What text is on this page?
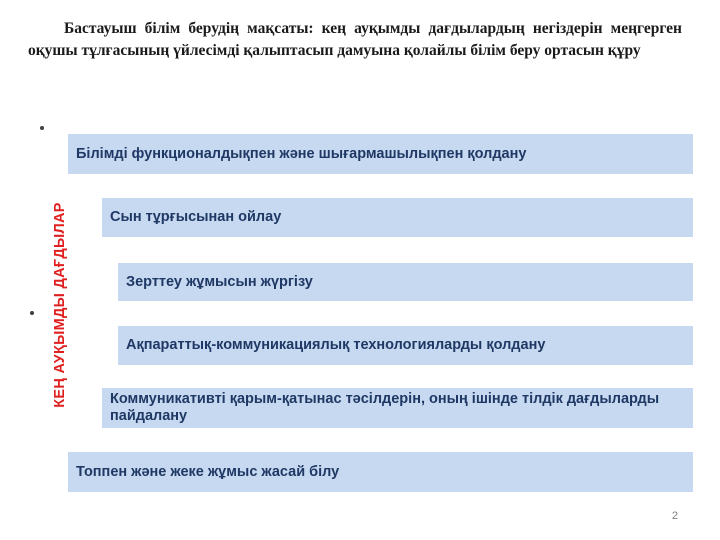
Бастауыш білім берудің мақсаты: кең ауқымды дағдылардың негіздерін меңгерген оқушы тұлғасының үйлесімді қалыптасып дамуына қолайлы білім беру ортасын құру
КЕҢ АУҚЫМДЫ ДАҒДЫЛАР
Білімді функционалдықпен және шығармашылықпен қолдану
Сын тұрғысынан ойлау
Зерттеу жұмысын жүргізу
Ақпараттық-коммуникациялық технологияларды қолдану
Коммуникативті қарым-қатынас тәсілдерін, оның ішінде тілдік дағдыларды пайдалану
Топпен және жеке жұмыс жасай білу
2
